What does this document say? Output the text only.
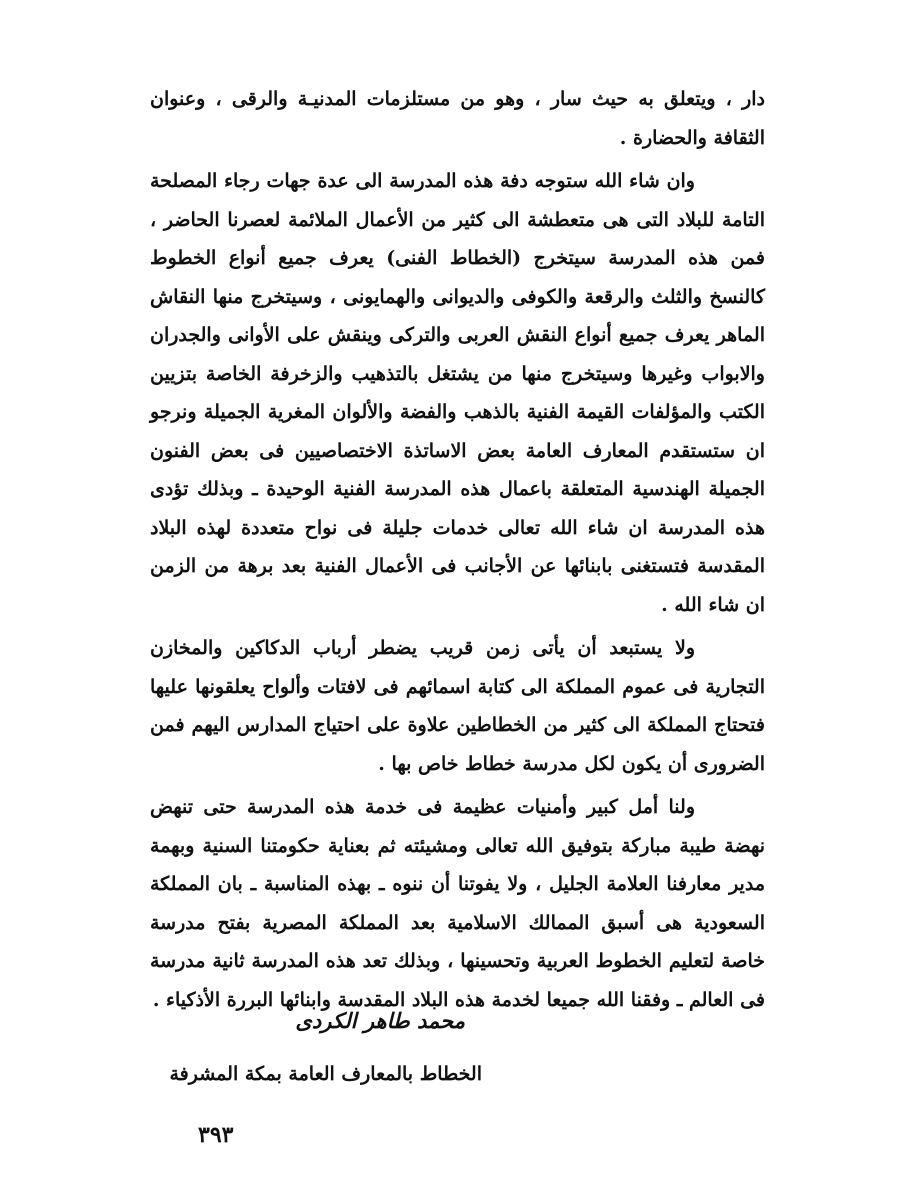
دار ، ويتعلق به حيث سار ، وهو من مستلزمات المدنيـة والرقى ، وعنوان الثقافة والحضارة .

وان شاء الله ستوجه دفة هذه المدرسة الى عدة جهات رجاء المصلحة التامة للبلاد التى هى متعطشة الى كثير من الأعمال الملائمة لعصرنا الحاضر ، فمن هذه المدرسة سيتخرج (الخطاط الفنى) يعرف جميع أنواع الخطوط كالنسخ والثلث والرقعة والكوفى والديوانى والهمايونى ، وسيتخرج منها النقاش الماهر يعرف جميع أنواع النقش العربى والتركى وينقش على الأوانى والجدران والابواب وغيرها وسيتخرج منها من يشتغل بالتذهيب والزخرفة الخاصة بتزيين الكتب والمؤلفات القيمة الفنية بالذهب والفضة والألوان المغرية الجميلة ونرجو ان ستستقدم المعارف العامة بعض الاساتذة الاختصاصيين فى بعض الفنون الجميلة الهندسية المتعلقة باعمال هذه المدرسة الفنية الوحيدة ـ وبذلك تؤدى هذه المدرسة ان شاء الله تعالى خدمات جليلة فى نواح متعددة لهذه البلاد المقدسة فتستغنى بابنائها عن الأجانب فى الأعمال الفنية بعد برهة من الزمن ان شاء الله .

ولا يستبعد أن يأتى زمن قريب يضطر أرباب الدكاكين والمخازن التجارية فى عموم المملكة الى كتابة اسمائهم فى لافتات وألواح يعلقونها عليها فتحتاج المملكة الى كثير من الخطاطين علاوة على احتياج المدارس اليهم فمن الضرورى أن يكون لكل مدرسة خطاط خاص بها .

ولنا أمل كبير وأمنيات عظيمة فى خدمة هذه المدرسة حتى تنهض نهضة طيبة مباركة بتوفيق الله تعالى ومشيئته ثم بعناية حكومتنا السنية وبهمة مدير معارفنا العلامة الجليل ، ولا يفوتنا أن ننوه ـ بهذه المناسبة ـ بان المملكة السعودية هى أسبق الممالك الاسلامية بعد المملكة المصرية بفتح مدرسة خاصة لتعليم الخطوط العربية وتحسينها ، وبذلك تعد هذه المدرسة ثانية مدرسة فى العالم ـ وفقنا الله جميعا لخدمة هذه البلاد المقدسة وابنائها البررة الأذكياء .

محمد طاهر الكردى
الخطاط بالمعارف العامة بمكة المشرفة
٣٩٣
